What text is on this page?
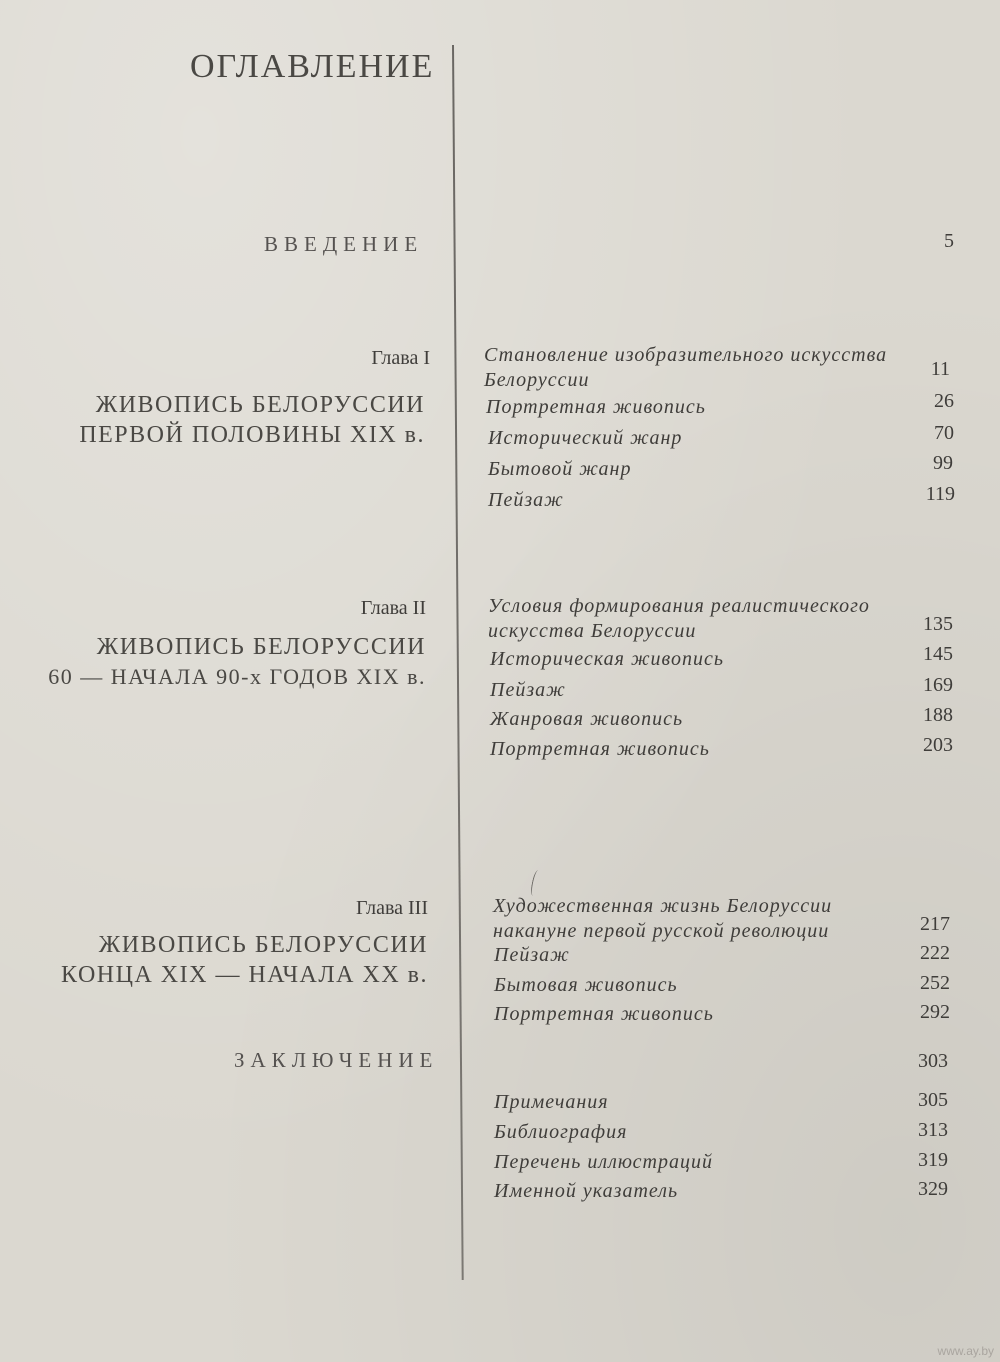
ОГЛАВЛЕНИЕ
ВВЕДЕНИЕ	5
Глава I
ЖИВОПИСЬ БЕЛОРУССИИ
ПЕРВОЙ ПОЛОВИНЫ XIX в.
Становление изобразительного искусства
Белоруссии	11
Портретная живопись	26
Исторический жанр	70
Бытовой жанр	99
Пейзаж	119
Глава II
ЖИВОПИСЬ БЕЛОРУССИИ
60 — НАЧАЛА 90-х ГОДОВ XIX в.
Условия формирования реалистического
искусства Белоруссии	135
Историческая живопись	145
Пейзаж	169
Жанровая живопись	188
Портретная живопись	203
Глава III
ЖИВОПИСЬ БЕЛОРУССИИ
КОНЦА XIX — НАЧАЛА XX в.
Художественная жизнь Белоруссии
накануне первой русской революции	217
Пейзаж	222
Бытовая живопись	252
Портретная живопись	292
ЗАКЛЮЧЕНИЕ	303
Примечания	305
Библиография	313
Перечень иллюстраций	319
Именной указатель	329
www.ay.by
